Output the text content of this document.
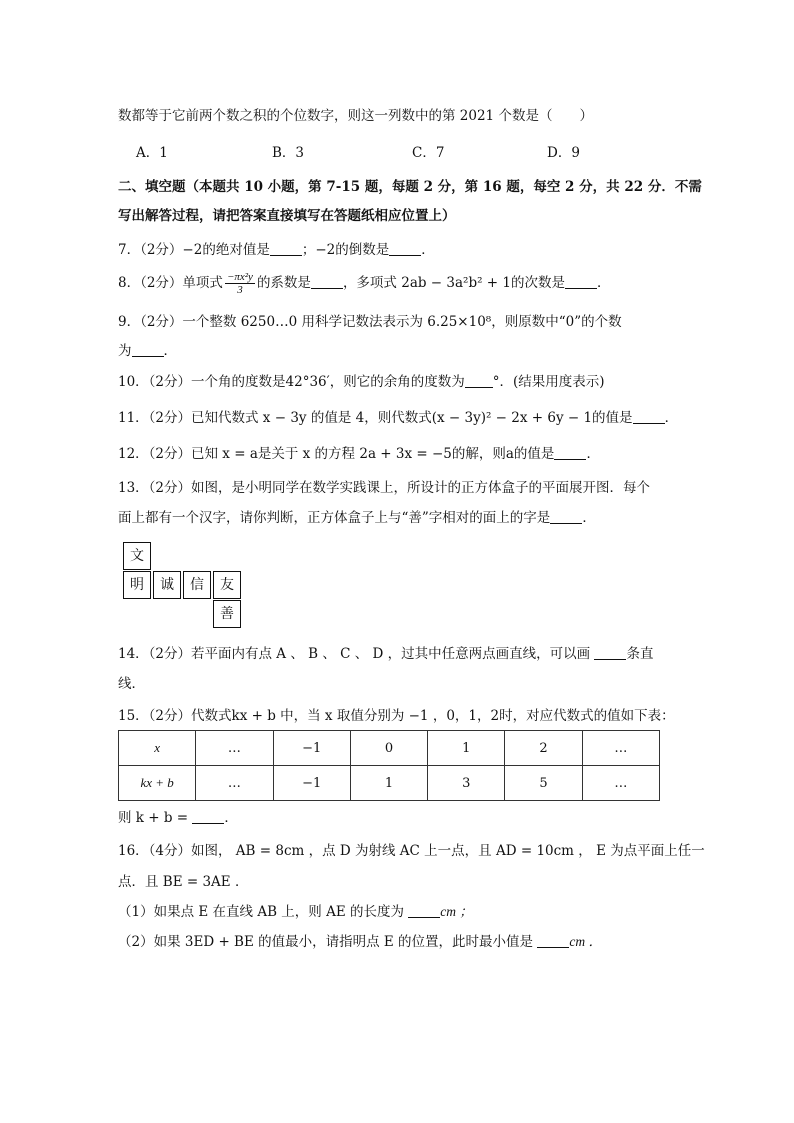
数都等于它前两个数之积的个位数字，则这一列数中的第 2021 个数是（　　）
A．1	B．3	C．7	D．9
二、填空题（本题共 10 小题，第 7-15 题，每题 2 分，第 16 题，每空 2 分，共 22 分．不需
写出解答过程，请把答案直接填写在答题纸相应位置上）
7．（2分）−2的绝对值是 ；−2的倒数是 ．
8．（2分）单项式 $\frac{\text{−πx²y}}{3}$ 的系数是 ，多项式 2ab − 3a²b² + 1的次数是 ．
9．（2分）一个整数 6250…0 用科学记数法表示为 6.25×10⁸，则原数中“0”的个数
为 ．
10．（2分）一个角的度数是42°36′，则它的余角的度数为 °．(结果用度表示)
11．（2分）已知代数式 x − 3y 的值是 4，则代数式(x − 3y)² − 2x + 6y − 1的值是 ．
12．（2分）已知 x = a是关于 x 的方程 2a + 3x = −5的解，则a的值是 ．
13．（2分）如图，是小明同学在数学实践课上，所设计的正方体盒子的平面展开图．每个
面上都有一个汉字，请你判断，正方体盒子上与“善”字相对的面上的字是 ．
文
明	诚	信	友
善
14．（2分）若平面内有点 A 、 B 、 C 、 D ，过其中任意两点画直线，可以画	条直
线．
15．（2分）代数式kx + b 中，当 x 取值分别为 −1 ，0，1，2时，对应代数式的值如下表：
x	…	−1	0	1	2	…
kx + b	…	−1	1	3	5	…
则 k + b =	．
16．（4分）如图， AB = 8cm ，点 D 为射线 AC 上一点，且 AD = 10cm ， E 为点平面上任一
点．且 BE = 3AE ．
（1）如果点 E 在直线 AB 上，则 AE 的长度为	cm ；
（2）如果 3ED + BE 的值最小，请指明点 E 的位置，此时最小值是	cm ．
